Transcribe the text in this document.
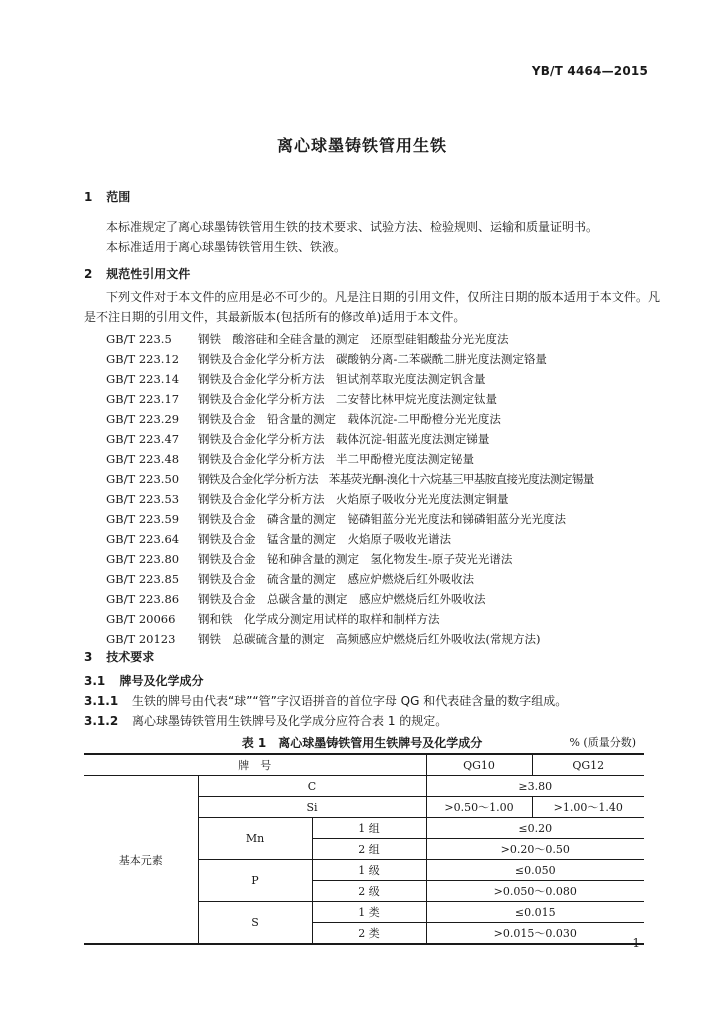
YB/T 4464—2015
离心球墨铸铁管用生铁
1 范围
本标准规定了离心球墨铸铁管用生铁的技术要求、试验方法、检验规则、运输和质量证明书。
本标准适用于离心球墨铸铁管用生铁、铁液。
2 规范性引用文件
下列文件对于本文件的应用是必不可少的。凡是注日期的引用文件，仅所注日期的版本适用于本文件。凡是不注日期的引用文件，其最新版本(包括所有的修改单)适用于本文件。
GB/T 223.5 钢铁　酸溶硅和全硅含量的测定　还原型硅钼酸盐分光光度法
GB/T 223.12 钢铁及合金化学分析方法　碳酸钠分离-二苯碳酰二肼光度法测定铬量
GB/T 223.14 钢铁及合金化学分析方法　钽试剂萃取光度法测定钒含量
GB/T 223.17 钢铁及合金化学分析方法　二安替比林甲烷光度法测定钛量
GB/T 223.29 钢铁及合金　铅含量的测定　载体沉淀-二甲酚橙分光光度法
GB/T 223.47 钢铁及合金化学分析方法　载体沉淀-钼蓝光度法测定锑量
GB/T 223.48 钢铁及合金化学分析方法　半二甲酚橙光度法测定铋量
GB/T 223.50 钢铁及合金化学分析方法　苯基荧光酮-溴化十六烷基三甲基胺直接光度法测定锡量
GB/T 223.53 钢铁及合金化学分析方法　火焰原子吸收分光光度法测定铜量
GB/T 223.59 钢铁及合金　磷含量的测定　铋磷钼蓝分光光度法和锑磷钼蓝分光光度法
GB/T 223.64 钢铁及合金　锰含量的测定　火焰原子吸收光谱法
GB/T 223.80 钢铁及合金　铋和砷含量的测定　氢化物发生-原子荧光光谱法
GB/T 223.85 钢铁及合金　硫含量的测定　感应炉燃烧后红外吸收法
GB/T 223.86 钢铁及合金　总碳含量的测定　感应炉燃烧后红外吸收法
GB/T 20066 钢和铁　化学成分测定用试样的取样和制样方法
GB/T 20123 钢铁　总碳硫含量的测定　高频感应炉燃烧后红外吸收法(常规方法)
3 技术要求
3.1 牌号及化学成分
3.1.1 生铁的牌号由代表“球”“管”字汉语拼音的首位字母 QG 和代表硅含量的数字组成。
3.1.2 离心球墨铸铁管用生铁牌号及化学成分应符合表 1 的规定。
表 1　离心球墨铸铁管用生铁牌号及化学成分	% (质量分数)
牌　号			QG10	QG12
基本元素	C		≥3.80	
	Si		>0.50～1.00	>1.00～1.40
	Mn	1 组	≤0.20	
		2 组	>0.20～0.50	
	P	1 级	≤0.050	
		2 级	>0.050～0.080	
	S	1 类	≤0.015	
		2 类	>0.015～0.030	
1
